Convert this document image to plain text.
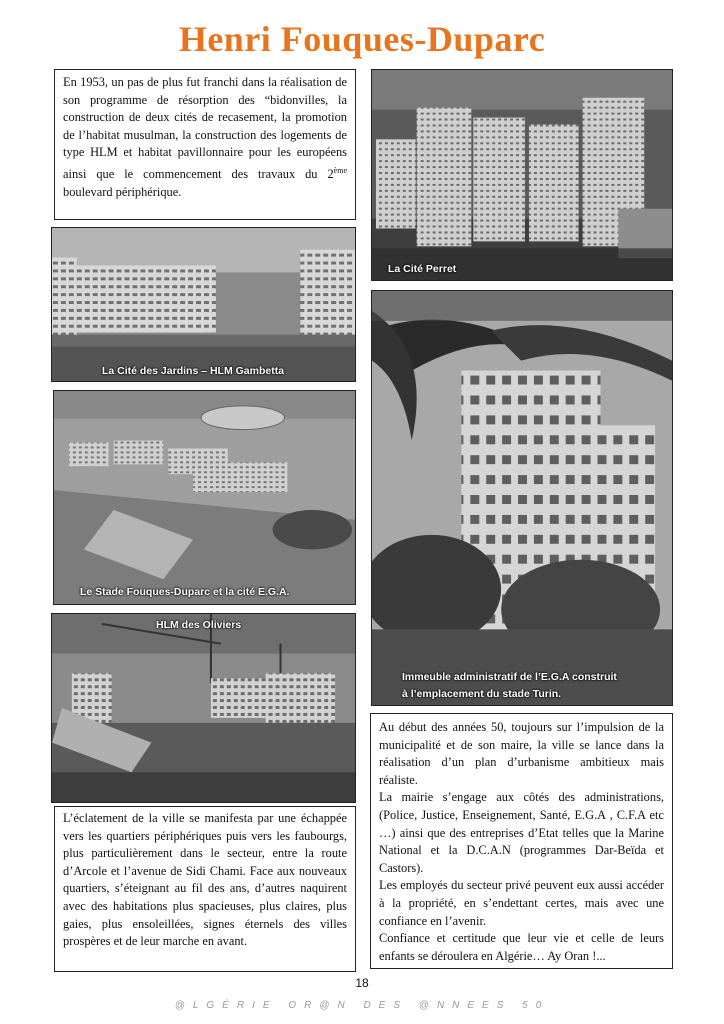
Henri Fouques-Duparc

En 1953, un pas de plus fut franchi dans la réalisation de son programme de résorption des “bidonvilles, la construction de deux cités de recasement, la promotion de l’habitat musulman, la construction des logements de type HLM et habitat pavillonnaire pour les européens ainsi que le commencement des travaux du 2ème boulevard périphérique.

La Cité Perret
La Cité des Jardins – HLM Gambetta
Immeuble administratif de l’E.G.A construit
à l’emplacement du stade Turin.
Le Stade Fouques-Duparc et la cité E.G.A.
HLM des Oliviers

Au début des années 50, toujours sur l’impulsion de la municipalité et de son maire, la ville se lance dans la réalisation d’un plan d’urbanisme ambitieux mais réaliste.

La mairie s’engage aux côtés des administrations, (Police, Justice, Enseignement, Santé, E.G.A , C.F.A etc …) ainsi que des entreprises d’Etat telles que la Marine National et la D.C.A.N (programmes Dar-Beïda et Castors).

Les employés du secteur privé peuvent eux aussi accéder à la propriété, en s’endettant certes, mais avec une confiance en l’avenir.

Confiance et certitude que leur vie et celle de leurs enfants se déroulera en Algérie… Ay Oran !...

L’éclatement de la ville se manifesta par une échappée vers les quartiers périphériques puis vers les faubourgs, plus particulièrement dans le secteur, entre la route d’Arcole et l’avenue de Sidi Chami. Face aux nouveaux quartiers, s’éteignant au fil des ans, d’autres naquirent avec des habitations plus spacieuses, plus claires, plus gaies, plus ensoleillées, signes éternels des villes prospères et de leur marche en avant.

18
@LGÉRIE OR@N DES @NNEES 50
